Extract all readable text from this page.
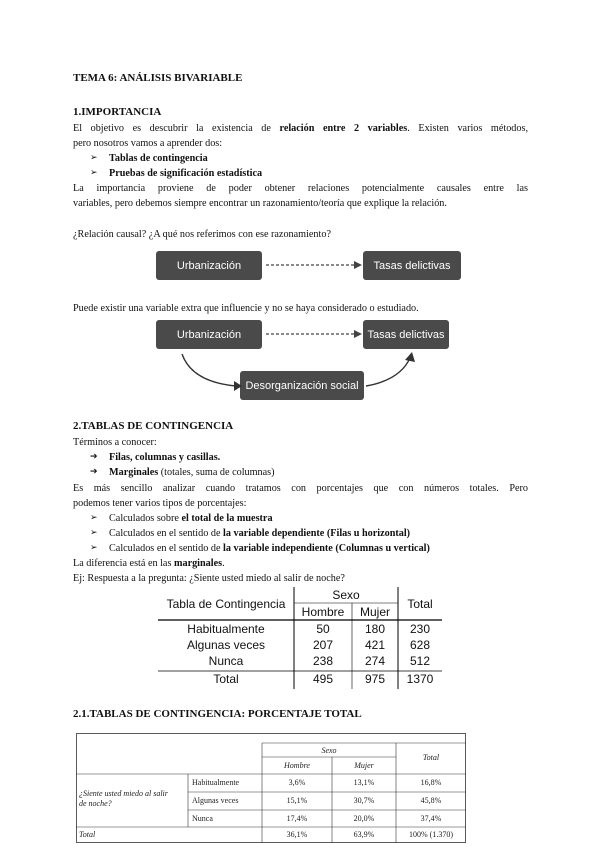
TEMA 6: ANÁLISIS BIVARIABLE
1.IMPORTANCIA
El objetivo es descubrir la existencia de relación entre 2 variables. Existen varios métodos,
pero nosotros vamos a aprender dos:
➢ Tablas de contingencia
➢ Pruebas de significación estadística
La importancia proviene de poder obtener relaciones potencialmente causales entre las
variables, pero debemos siempre encontrar un razonamiento/teoría que explique la relación.
¿Relación causal? ¿A qué nos referimos con ese razonamiento?
Urbanización	Tasas delictivas
Puede existir una variable extra que influencie y no se haya considerado o estudiado.
Urbanización	Tasas delictivas
Desorganización social
2.TABLAS DE CONTINGENCIA
Términos a conocer:
➔ Filas, columnas y casillas.
➔ Marginales (totales, suma de columnas)
Es más sencillo analizar cuando tratamos con porcentajes que con números totales. Pero
podemos tener varios tipos de porcentajes:
➢ Calculados sobre el total de la muestra
➢ Calculados en el sentido de la variable dependiente (Filas u horizontal)
➢ Calculados en el sentido de la variable independiente (Columnas u vertical)
La diferencia está en las marginales.
Ej: Respuesta a la pregunta: ¿Siente usted miedo al salir de noche?
Tabla de Contingencia
Sexo
Hombre	Mujer
Total
Habitualmente	50	180	230
Algunas veces	207	421	628
Nunca	238	274	512
Total	495	975	1370
2.1.TABLAS DE CONTINGENCIA: PORCENTAJE TOTAL
Sexo
Hombre	Mujer
Total
¿Siente usted miedo al salir
de noche?
Habitualmente	3,6%	13,1%	16,8%
Algunas veces	15,1%	30,7%	45,8%
Nunca	17,4%	20,0%	37,4%
Total	36,1%	63,9%	100% (1.370)
